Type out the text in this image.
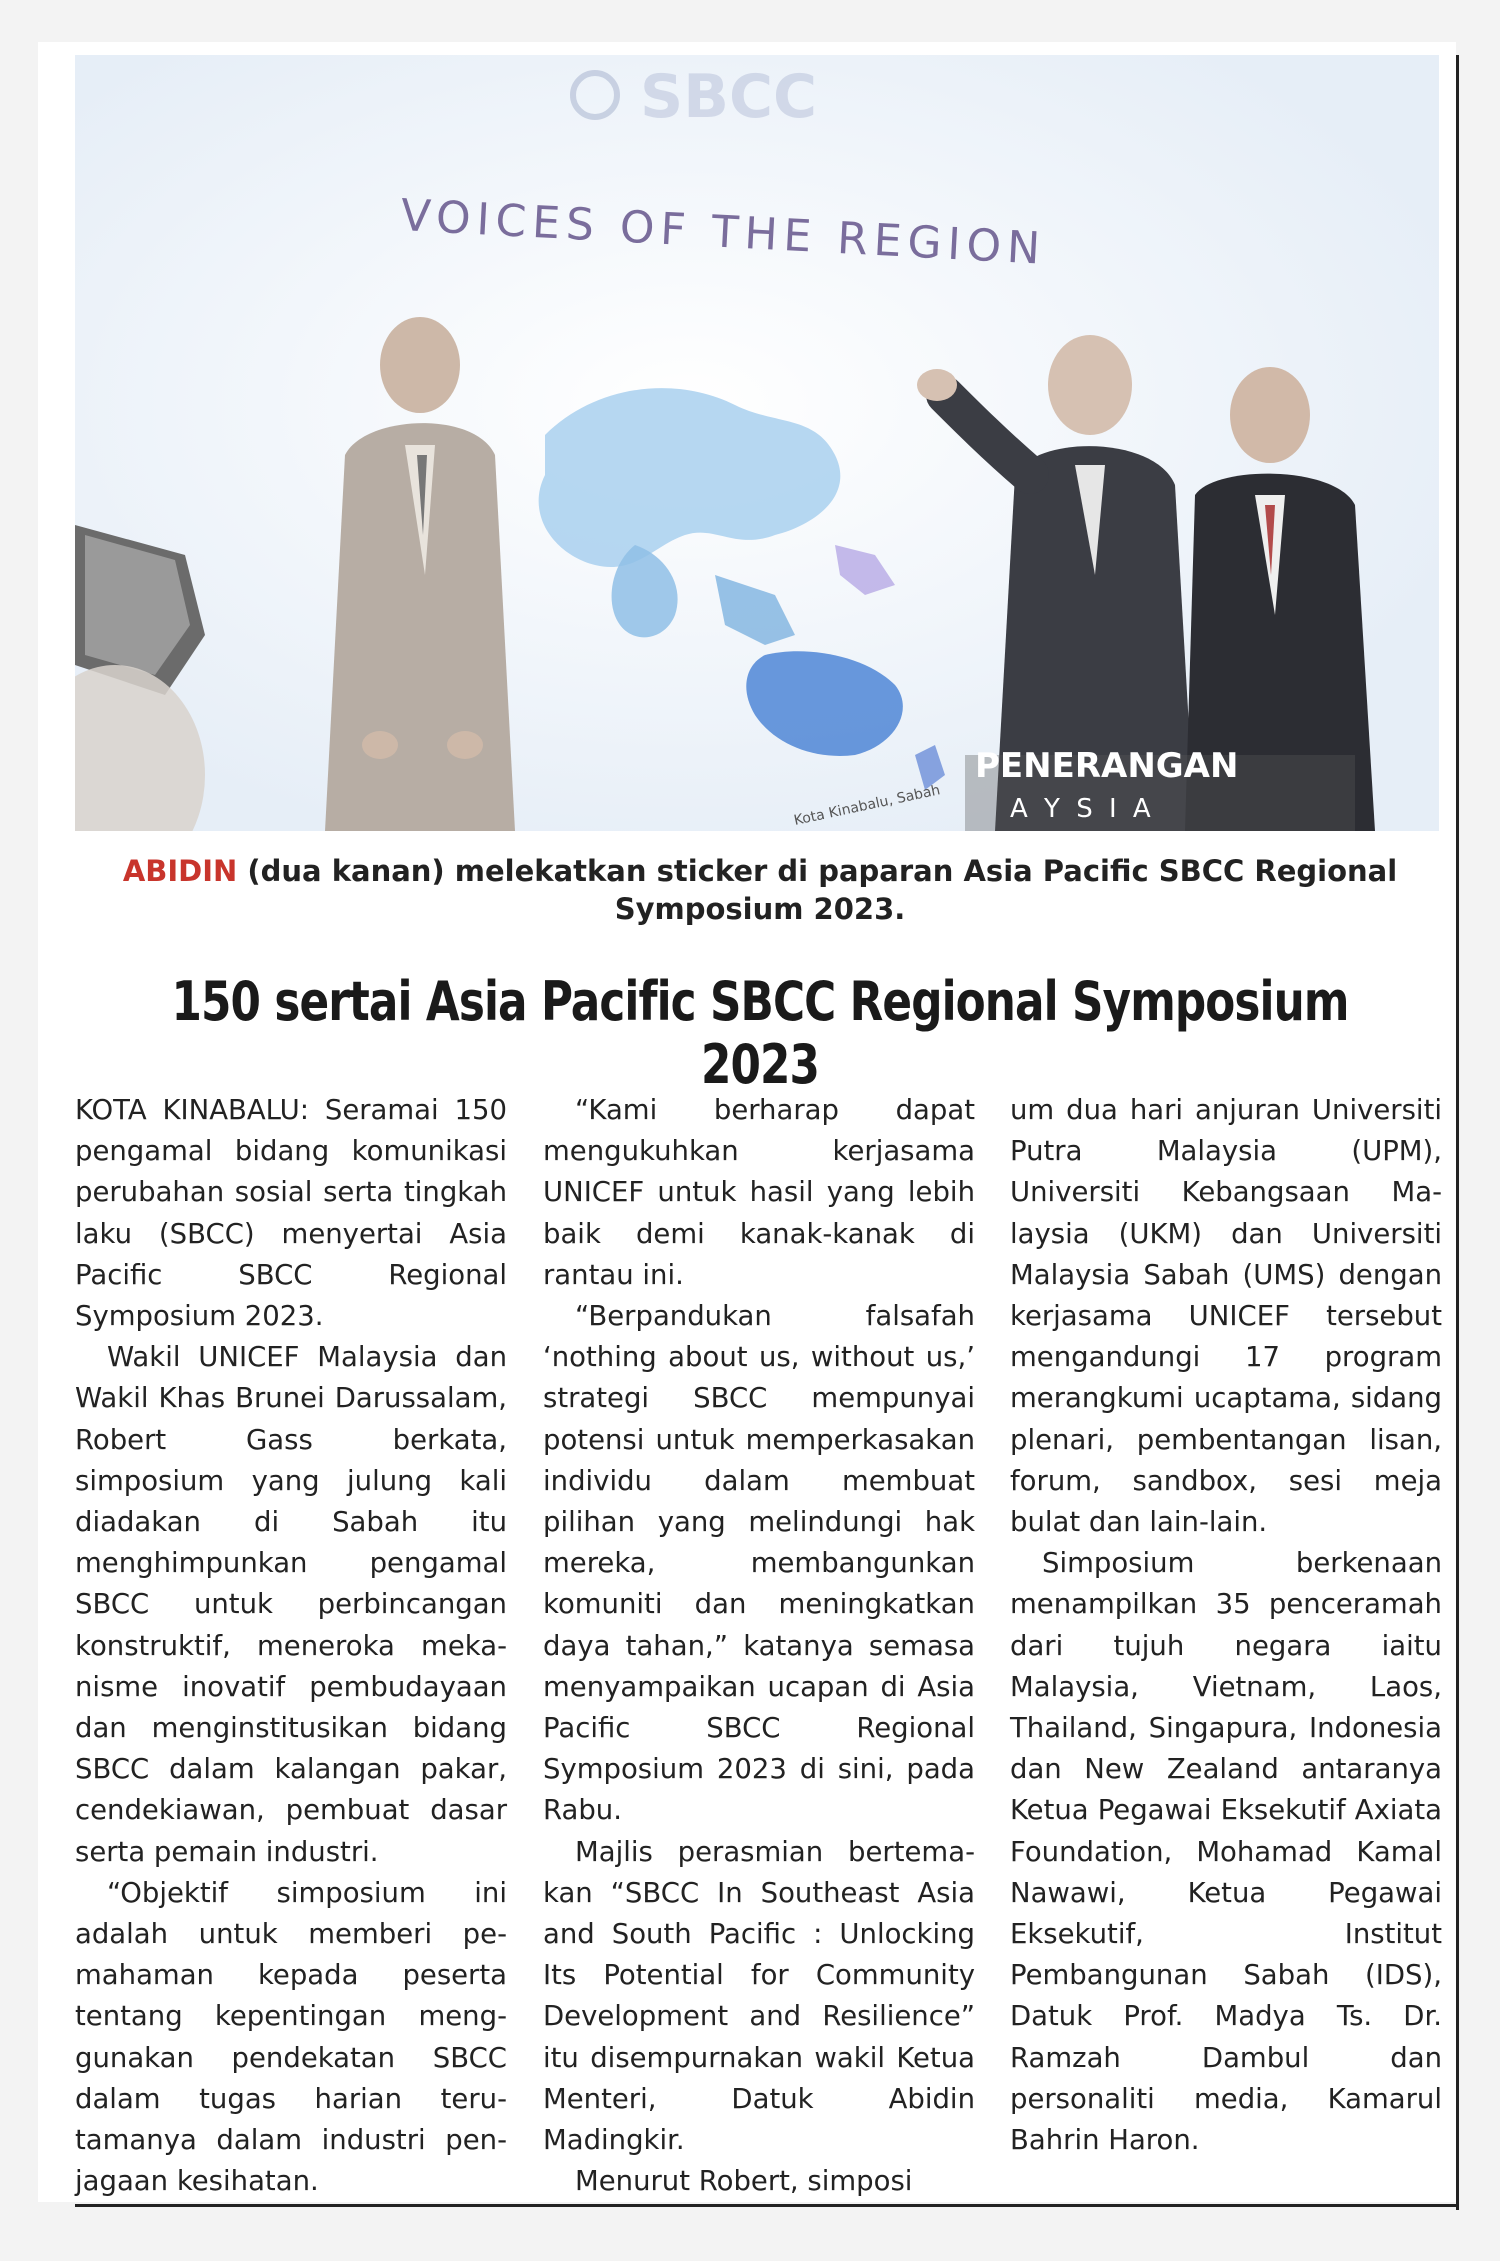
SBCC
VOICES OF THE REGION
Kota Kinabalu, Sabah
PENERANGAN
A Y S I A
ABIDIN (dua kanan) melekatkan sticker di paparan Asia Pacific SBCC Regional Symposium 2023.
150 sertai Asia Pacific SBCC Regional Symposium 2023

KOTA KINABALU: Seramai 150 pengamal bidang komunikasi perubahan sosial serta tingkah laku (SBCC) menyertai Asia Pacific SBCC Regional Symposium 2023.

Wakil UNICEF Malaysia dan Wakil Khas Brunei Darussalam, Robert Gass berkata, simposium yang julung kali diadakan di Sabah itu menghimpunkan pengamal SBCC untuk perbincangan konstruktif, meneroka mekanisme inovatif pembudayaan dan menginstitusikan bidang SBCC dalam kalangan pakar, cendekiawan, pembuat dasar serta pemain industri.

“Objektif simposium ini adalah untuk memberi pemahaman kepada peserta tentang kepentingan menggunakan pendekatan SBCC dalam tugas harian terutamanya dalam industri penjagaan kesihatan.

“Kami berharap dapat mengukuhkan kerjasama UNICEF untuk hasil yang lebih baik demi kanak-kanak di rantau ini.

“Berpandukan falsafah ‘nothing about us, without us,’ strategi SBCC mempunyai potensi untuk memperkasakan individu dalam membuat pilihan yang melindungi hak mereka, membangunkan komuniti dan meningkatkan daya tahan,” katanya semasa menyampaikan ucapan di Asia Pacific SBCC Regional Symposium 2023 di sini, pada Rabu.

Majlis perasmian bertemakan “SBCC In Southeast Asia and South Pacific : Unlocking Its Potential for Community Development and Resilience” itu disempurnakan wakil Ketua Menteri, Datuk Abidin Madingkir.

Menurut Robert, simposi

um dua hari anjuran Universiti Putra Malaysia (UPM), Universiti Kebangsaan Malaysia (UKM) dan Universiti Malaysia Sabah (UMS) dengan kerjasama UNICEF tersebut mengandungi 17 program merangkumi ucaptama, sidang plenari, pembentangan lisan, forum, sandbox, sesi meja bulat dan lain-lain.

Simposium berkenaan menampilkan 35 penceramah dari tujuh negara iaitu Malaysia, Vietnam, Laos, Thailand, Singapura, Indonesia dan New Zealand antaranya Ketua Pegawai Eksekutif Axiata Foundation, Mohamad Kamal Nawawi, Ketua Pegawai Eksekutif, Institut Pembangunan Sabah (IDS), Datuk Prof. Madya Ts. Dr. Ramzah Dambul dan personaliti media, Kamarul Bahrin Haron.
